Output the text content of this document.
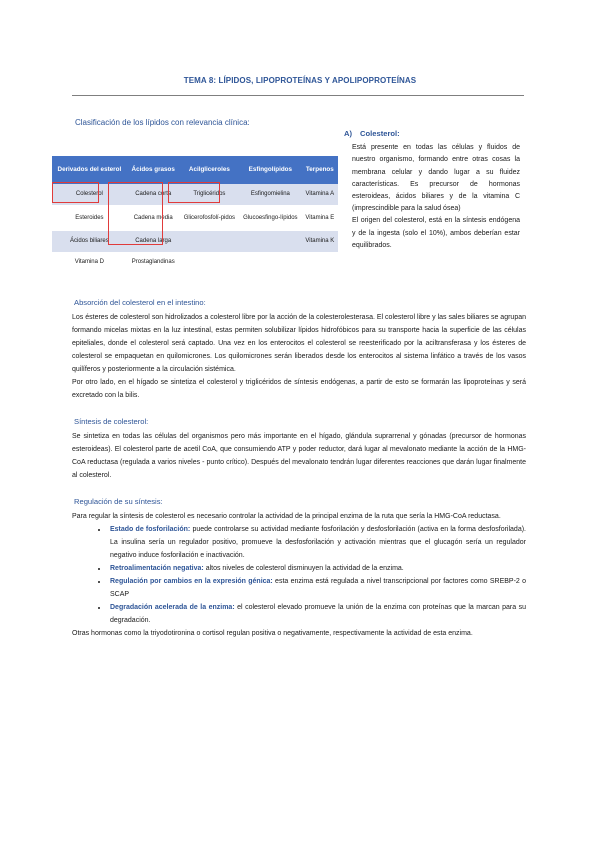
TEMA 8: LÍPIDOS, LIPOPROTEÍNAS Y APOLIPOPROTEÍNAS
Clasificación de los lípidos con relevancia clínica:
Derivados del esterol	Ácidos grasos	Acilgliceroles	Esfingolípidos	Terpenos
Colesterol	Cadena corta	Triglicéridos	Esfingomielina	Vitamina A
Esteroides	Cadena media	Glicerofosfolí-pidos	Glucoesfingo-lípidos	Vitamina E
Ácidos biliares	Cadena larga			Vitamina K
Vitamina D	Prostaglandinas			
A) Colesterol:

Está presente en todas las células y fluidos de nuestro organismo, formando entre otras cosas la membrana celular y dando lugar a su fluidez características. Es precursor de hormonas esteroideas, ácidos biliares y de la vitamina C (imprescindible para la salud ósea)

El origen del colesterol, está en la síntesis endógena y de la ingesta (solo el 10%), ambos deberían estar equilibrados.

Absorción del colesterol en el intestino:

Los ésteres de colesterol son hidrolizados a colesterol libre por la acción de la colesterolesterasa. El colesterol libre y las sales biliares se agrupan formando micelas mixtas en la luz intestinal, estas permiten solubilizar lípidos hidrofóbicos para su transporte hacia la superficie de las células epiteliales, donde el colesterol será captado. Una vez en los enterocitos el colesterol se reesterificado por la aciltransferasa y los ésteres de colesterol se empaquetan en quilomicrones. Los quilomicrones serán liberados desde los enterocitos al sistema linfático a través de los vasos quilíferos y posteriormente a la circulación sistémica.

Por otro lado, en el hígado se sintetiza el colesterol y triglicéridos de síntesis endógenas, a partir de esto se formarán las lipoproteínas y será excretado con la bilis.

Síntesis de colesterol:

Se sintetiza en todas las células del organismos pero más importante en el hígado, glándula suprarrenal y gónadas (precursor de hormonas esteroideas). El colesterol parte de acetil CoA, que consumiendo ATP y poder reductor, dará lugar al mevalonato mediante la acción de la HMG-CoA reductasa (regulada a varios niveles - punto crítico). Después del mevalonato tendrán lugar diferentes reacciones que darán lugar finalmente al colesterol.

Regulación de su síntesis:

Para regular la síntesis de colesterol es necesario controlar la actividad de la principal enzima de la ruta que sería la HMG-CoA reductasa.

• Estado de fosforilación: puede controlarse su actividad mediante fosforilación y desfosforilación (activa en la forma desfosforilada). La insulina sería un regulador positivo, promueve la desfosforilación y activación mientras que el glucagón sería un regulador negativo induce fosforilación e inactivación.
• Retroalimentación negativa: altos niveles de colesterol disminuyen la actividad de la enzima.
• Regulación por cambios en la expresión génica: esta enzima está regulada a nivel transcripcional por factores como SREBP-2 o SCAP
• Degradación acelerada de la enzima: el colesterol elevado promueve la unión de la enzima con proteínas que la marcan para su degradación.

Otras hormonas como la triyodotironina o cortisol regulan positiva o negativamente, respectivamente la actividad de esta enzima.
